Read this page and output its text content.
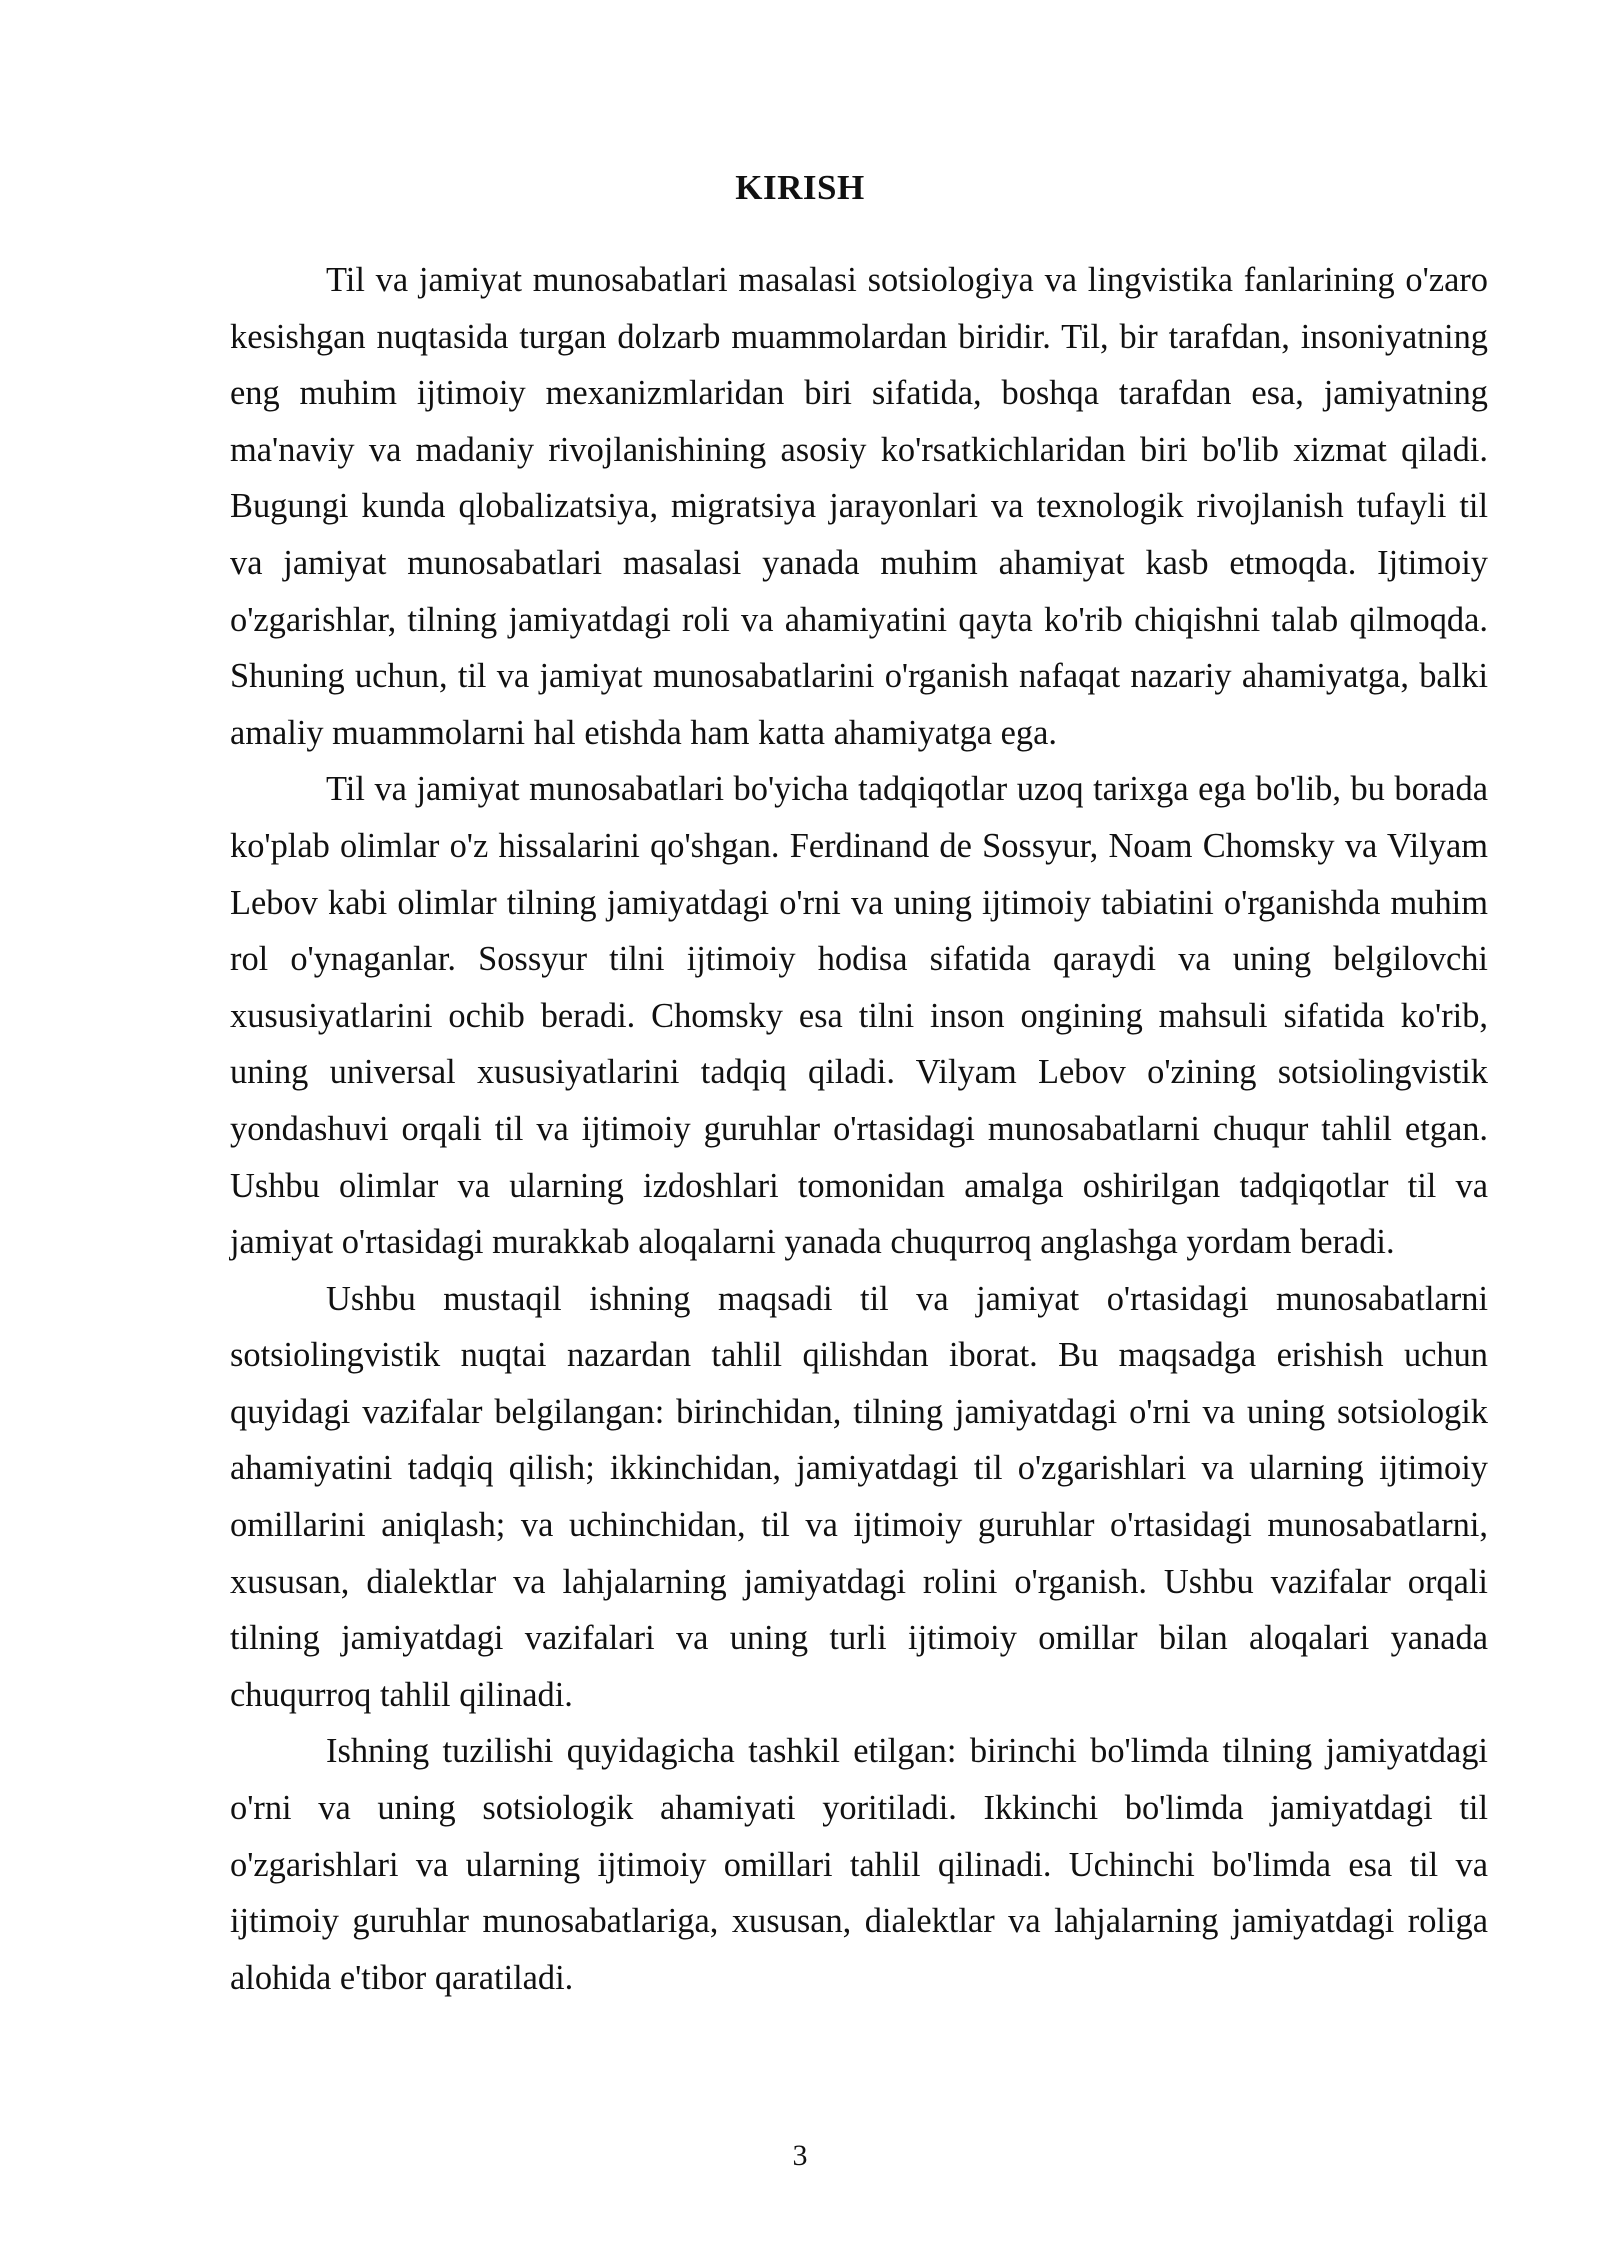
KIRISH

Til va jamiyat munosabatlari masalasi sotsiologiya va lingvistika fanlarining o'zaro kesishgan nuqtasida turgan dolzarb muammolardan biridir. Til, bir tarafdan, insoniyatning eng muhim ijtimoiy mexanizmlaridan biri sifatida, boshqa tarafdan esa, jamiyatning ma'naviy va madaniy rivojlanishining asosiy ko'rsatkichlaridan biri bo'lib xizmat qiladi. Bugungi kunda qlobalizatsiya, migratsiya jarayonlari va texnologik rivojlanish tufayli til va jamiyat munosabatlari masalasi yanada muhim ahamiyat kasb etmoqda. Ijtimoiy o'zgarishlar, tilning jamiyatdagi roli va ahamiyatini qayta ko'rib chiqishni talab qilmoqda. Shuning uchun, til va jamiyat munosabatlarini o'rganish nafaqat nazariy ahamiyatga, balki amaliy muammolarni hal etishda ham katta ahamiyatga ega.

Til va jamiyat munosabatlari bo'yicha tadqiqotlar uzoq tarixga ega bo'lib, bu borada ko'plab olimlar o'z hissalarini qo'shgan. Ferdinand de Sossyur, Noam Chomsky va Vilyam Lebov kabi olimlar tilning jamiyatdagi o'rni va uning ijtimoiy tabiatini o'rganishda muhim rol o'ynaganlar. Sossyur tilni ijtimoiy hodisa sifatida qaraydi va uning belgilovchi xususiyatlarini ochib beradi. Chomsky esa tilni inson ongining mahsuli sifatida ko'rib, uning universal xususiyatlarini tadqiq qiladi. Vilyam Lebov o'zining sotsiolingvistik yondashuvi orqali til va ijtimoiy guruhlar o'rtasidagi munosabatlarni chuqur tahlil etgan. Ushbu olimlar va ularning izdoshlari tomonidan amalga oshirilgan tadqiqotlar til va jamiyat o'rtasidagi murakkab aloqalarni yanada chuqurroq anglashga yordam beradi.

Ushbu mustaqil ishning maqsadi til va jamiyat o'rtasidagi munosabatlarni sotsiolingvistik nuqtai nazardan tahlil qilishdan iborat. Bu maqsadga erishish uchun quyidagi vazifalar belgilangan: birinchidan, tilning jamiyatdagi o'rni va uning sotsiologik ahamiyatini tadqiq qilish; ikkinchidan, jamiyatdagi til o'zgarishlari va ularning ijtimoiy omillarini aniqlash; va uchinchidan, til va ijtimoiy guruhlar o'rtasidagi munosabatlarni, xususan, dialektlar va lahjalarning jamiyatdagi rolini o'rganish. Ushbu vazifalar orqali tilning jamiyatdagi vazifalari va uning turli ijtimoiy omillar bilan aloqalari yanada chuqurroq tahlil qilinadi.

Ishning tuzilishi quyidagicha tashkil etilgan: birinchi bo'limda tilning jamiyatdagi o'rni va uning sotsiologik ahamiyati yoritiladi. Ikkinchi bo'limda jamiyatdagi til o'zgarishlari va ularning ijtimoiy omillari tahlil qilinadi. Uchinchi bo'limda esa til va ijtimoiy guruhlar munosabatlariga, xususan, dialektlar va lahjalarning jamiyatdagi roliga alohida e'tibor qaratiladi.

3
